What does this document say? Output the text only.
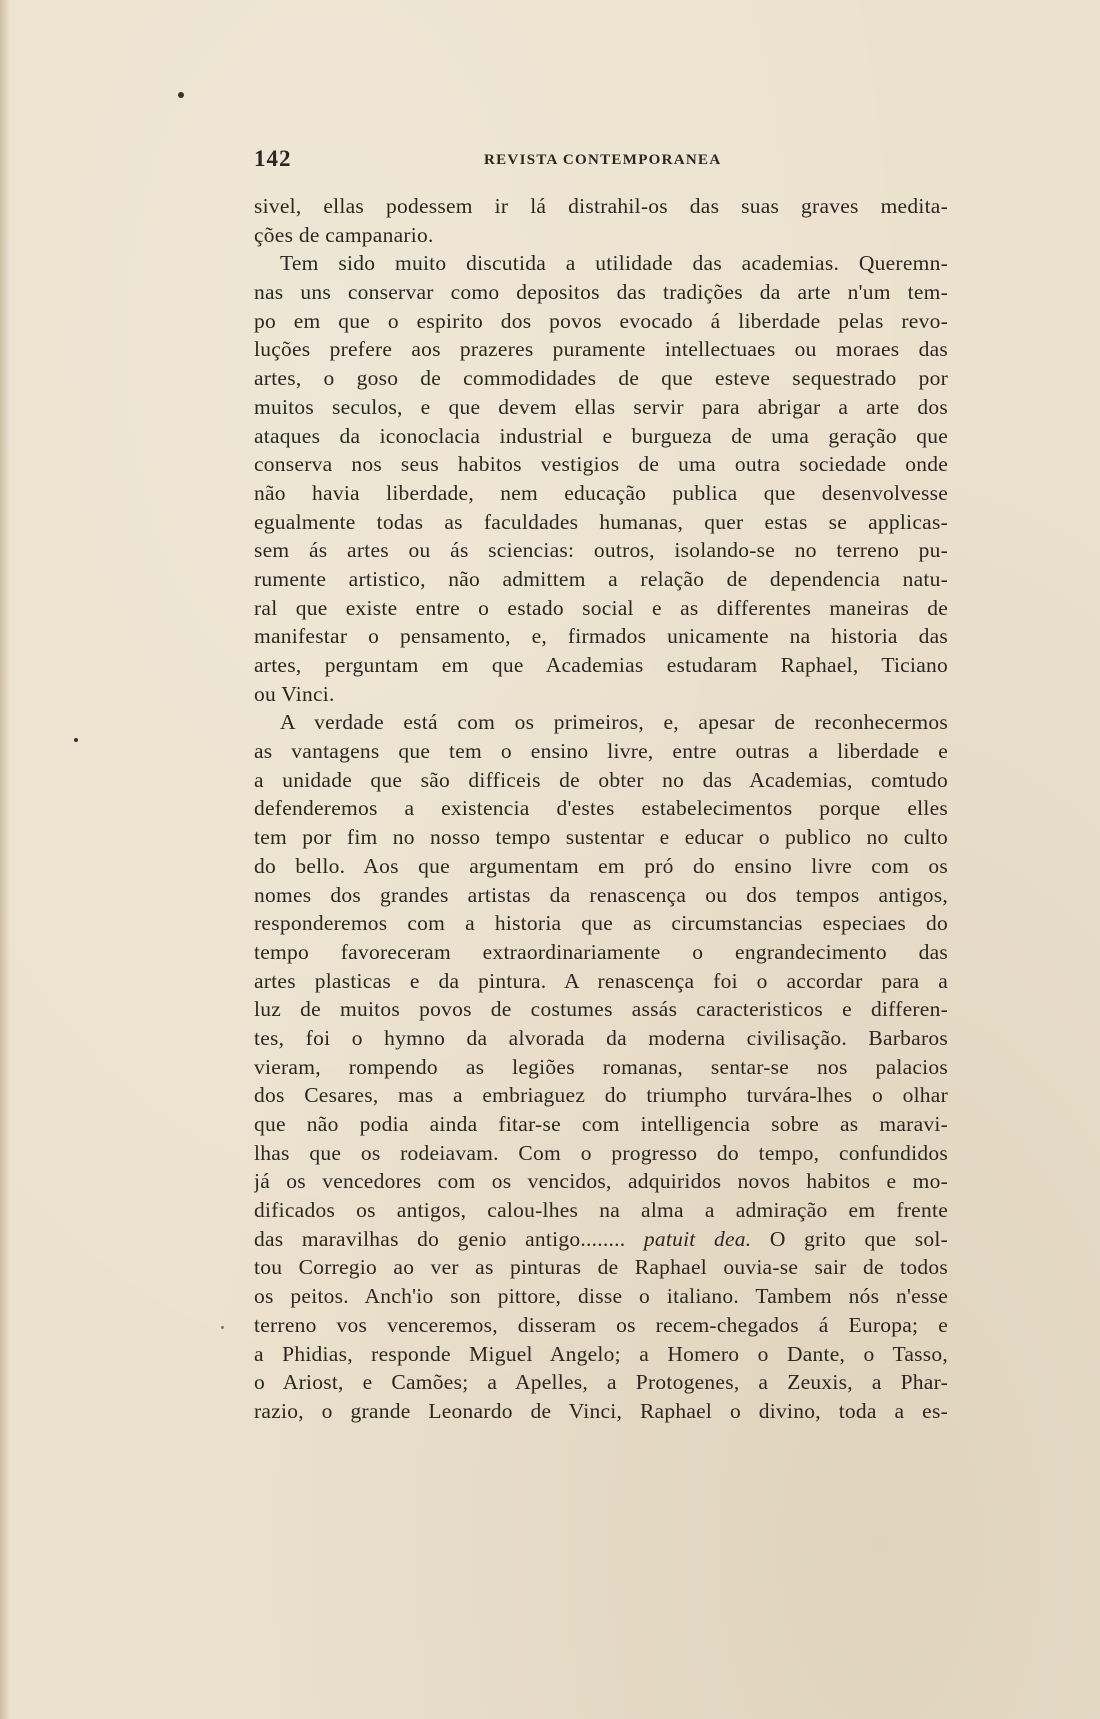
142	REVISTA CONTEMPORANEA
sivel, ellas podessem ir lá distrahil-os das suas graves medita-
ções de campanario.
Tem sido muito discutida a utilidade das academias. Queremn-
nas uns conservar como depositos das tradições da arte n'um tem-
po em que o espirito dos povos evocado á liberdade pelas revo-
luções prefere aos prazeres puramente intellectuaes ou moraes das
artes, o goso de commodidades de que esteve sequestrado por
muitos seculos, e que devem ellas servir para abrigar a arte dos
ataques da iconoclacia industrial e burgueza de uma geração que
conserva nos seus habitos vestigios de uma outra sociedade onde
não havia liberdade, nem educação publica que desenvolvesse
egualmente todas as faculdades humanas, quer estas se applicas-
sem ás artes ou ás sciencias: outros, isolando-se no terreno pu-
rumente artistico, não admittem a relação de dependencia natu-
ral que existe entre o estado social e as differentes maneiras de
manifestar o pensamento, e, firmados unicamente na historia das
artes, perguntam em que Academias estudaram Raphael, Ticiano
ou Vinci.
A verdade está com os primeiros, e, apesar de reconhecermos
as vantagens que tem o ensino livre, entre outras a liberdade e
a unidade que são difficeis de obter no das Academias, comtudo
defenderemos a existencia d'estes estabelecimentos porque elles
tem por fim no nosso tempo sustentar e educar o publico no culto
do bello. Aos que argumentam em pró do ensino livre com os
nomes dos grandes artistas da renascença ou dos tempos antigos,
responderemos com a historia que as circumstancias especiaes do
tempo favoreceram extraordinariamente o engrandecimento das
artes plasticas e da pintura. A renascença foi o accordar para a
luz de muitos povos de costumes assás caracteristicos e differen-
tes, foi o hymno da alvorada da moderna civilisação. Barbaros
vieram, rompendo as legiões romanas, sentar-se nos palacios
dos Cesares, mas a embriaguez do triumpho turvára-lhes o olhar
que não podia ainda fitar-se com intelligencia sobre as maravi-
lhas que os rodeiavam. Com o progresso do tempo, confundidos
já os vencedores com os vencidos, adquiridos novos habitos e mo-
dificados os antigos, calou-lhes na alma a admiração em frente
das maravilhas do genio antigo........ patuit dea. O grito que sol-
tou Corregio ao ver as pinturas de Raphael ouvia-se sair de todos
os peitos. Anch'io son pittore, disse o italiano. Tambem nós n'esse
terreno vos venceremos, disseram os recem-chegados á Europa; e
a Phidias, responde Miguel Angelo; a Homero o Dante, o Tasso,
o Ariost, e Camões; a Apelles, a Protogenes, a Zeuxis, a Phar-
razio, o grande Leonardo de Vinci, Raphael o divino, toda a es-
